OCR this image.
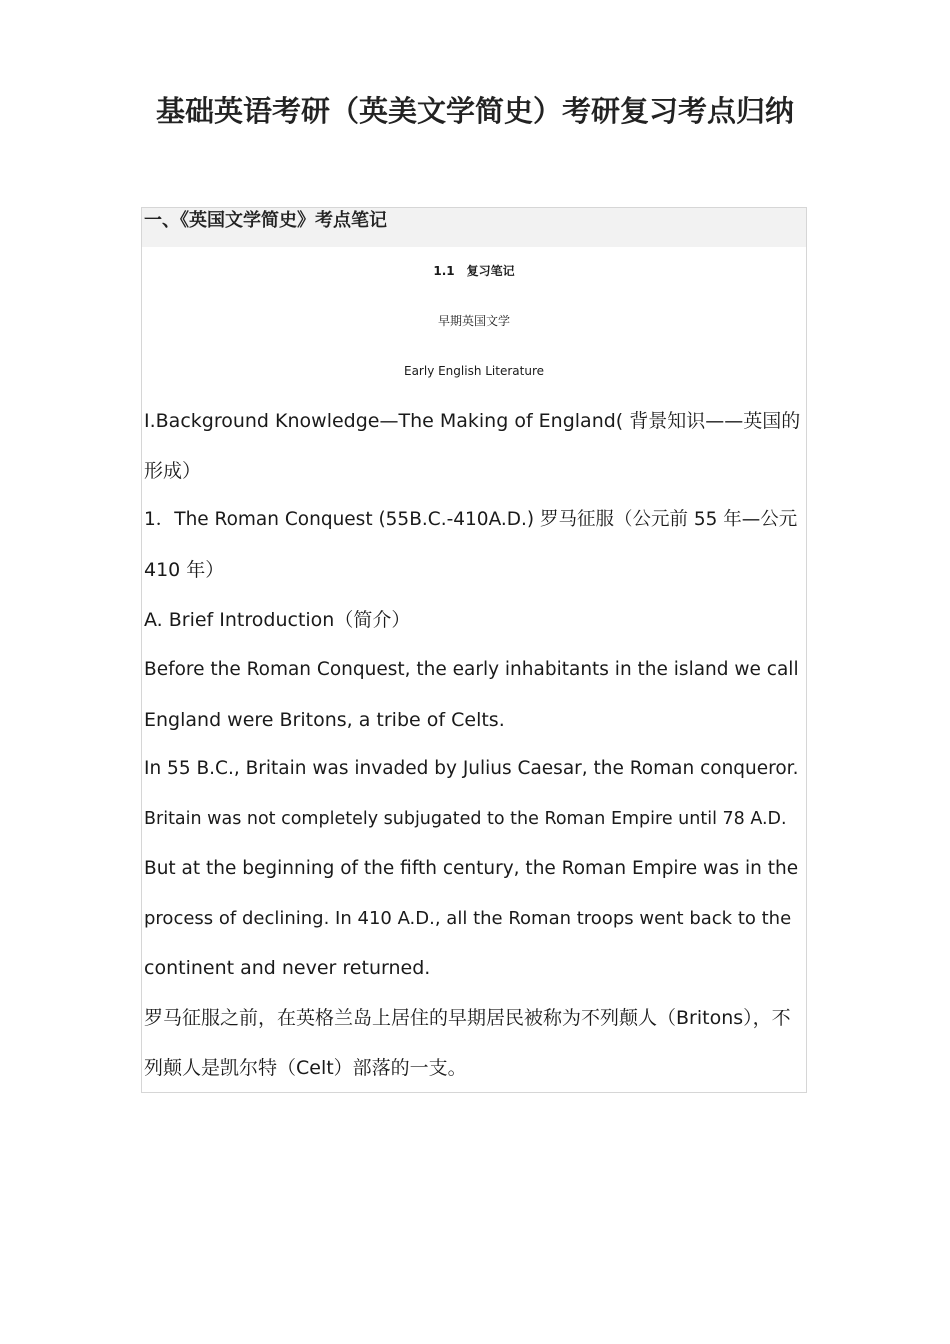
基础英语考研（英美文学简史）考研复习考点归纳
一、《英国文学简史》考点笔记
1.1　复习笔记
早期英国文学
Early English Literature
Ⅰ.Background Knowledge—The Making of England( 背景知识——英国的
形成）
1．The Roman Conquest (55B.C.-410A.D.) 罗马征服（公元前 55 年—公元
410 年）
A. Brief Introduction（简介）
Before the Roman Conquest, the early inhabitants in the island we call
England were Britons, a tribe of Celts.
In 55 B.C., Britain was invaded by Julius Caesar, the Roman conqueror.
Britain was not completely subjugated to the Roman Empire until 78 A.D.
But at the beginning of the fifth century, the Roman Empire was in the
process of declining. In 410 A.D., all the Roman troops went back to the
continent and never returned.
罗马征服之前，在英格兰岛上居住的早期居民被称为不列颠人（Britons），不
列颠人是凯尔特（Celt）部落的一支。
